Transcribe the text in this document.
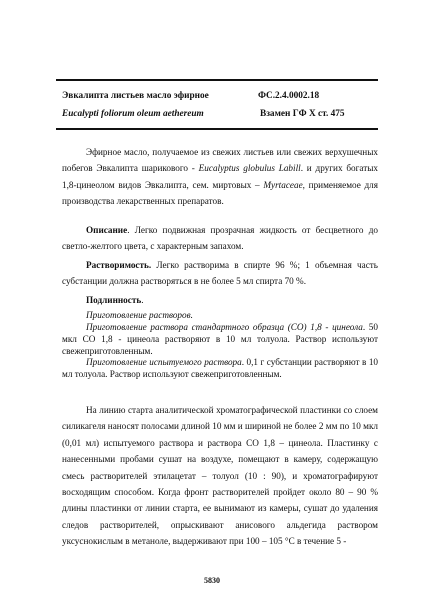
Эвкалипта листьев масло эфирное
Eucalypti foliorum oleum aethereum
ФС.2.4.0002.18
Взамен ГФ X ст. 475
Эфирное масло, получаемое из свежих листьев или свежих верхушечных побегов Эвкалипта шарикового - Eucalyptus globulus Labill. и других богатых 1,8-цинеолом видов Эвкалипта, сем. миртовых – Myrtaceae, применяемое для производства лекарственных препаратов.
Описание. Легко подвижная прозрачная жидкость от бесцветного до светло-желтого цвета, с характерным запахом.
Растворимость. Легко растворима в спирте 96 %; 1 объемная часть субстанции должна растворяться в не более 5 мл спирта 70 %.
Подлинность.
Приготовление растворов.
Приготовление раствора стандартного образца (СО) 1,8 - цинеола. 50 мкл СО 1,8 - цинеола растворяют в 10 мл толуола. Раствор используют свежеприготовленным.
Приготовление испытуемого раствора. 0,1 г субстанции растворяют в 10 мл толуола. Раствор используют свежеприготовленным.
На линию старта аналитической хроматографической пластинки со слоем силикагеля наносят полосами длиной 10 мм и шириной не более 2 мм по 10 мкл (0,01 мл) испытуемого раствора и раствора СО 1,8 – цинеола. Пластинку с нанесенными пробами сушат на воздухе, помещают в камеру, содержащую смесь растворителей этилацетат – толуол (10 : 90), и хроматографируют восходящим способом. Когда фронт растворителей пройдет около 80 – 90 % длины пластинки от линии старта, ее вынимают из камеры, сушат до удаления следов растворителей, опрыскивают анисового альдегида раствором уксуснокислым в метаноле, выдерживают при 100 – 105 °С в течение 5 -
5830
